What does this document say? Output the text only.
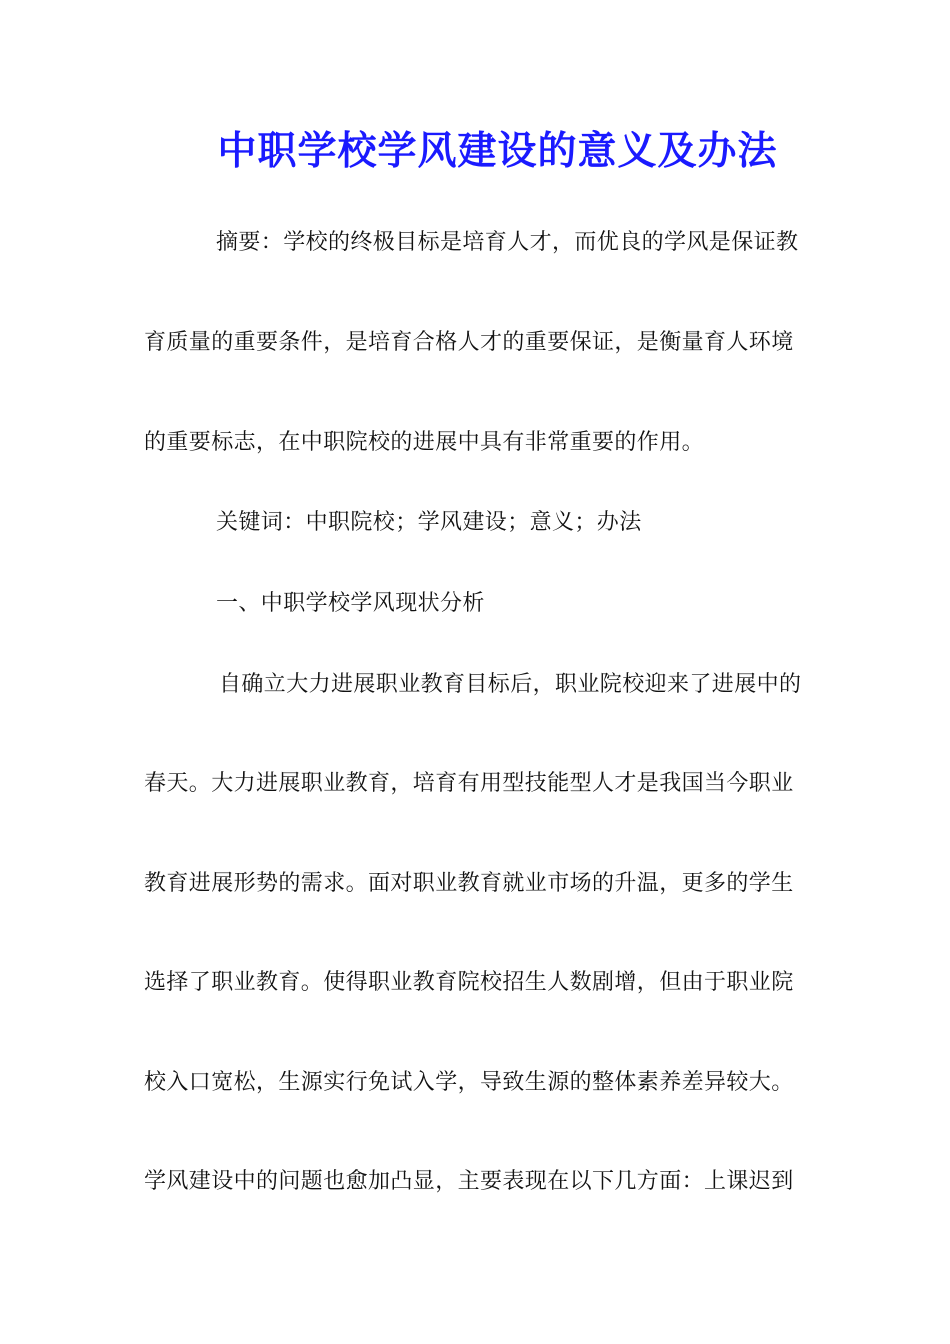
中职学校学风建设的意义及办法
摘要：学校的终极目标是培育人才，而优良的学风是保证教
育质量的重要条件，是培育合格人才的重要保证，是衡量育人环境
的重要标志，在中职院校的进展中具有非常重要的作用。
关键词：中职院校；学风建设；意义；办法
一、中职学校学风现状分析
自确立大力进展职业教育目标后，职业院校迎来了进展中的
春天。大力进展职业教育，培育有用型技能型人才是我国当今职业
教育进展形势的需求。面对职业教育就业市场的升温，更多的学生
选择了职业教育。使得职业教育院校招生人数剧增，但由于职业院
校入口宽松，生源实行免试入学，导致生源的整体素养差异较大。
学风建设中的问题也愈加凸显，主要表现在以下几方面：上课迟到
